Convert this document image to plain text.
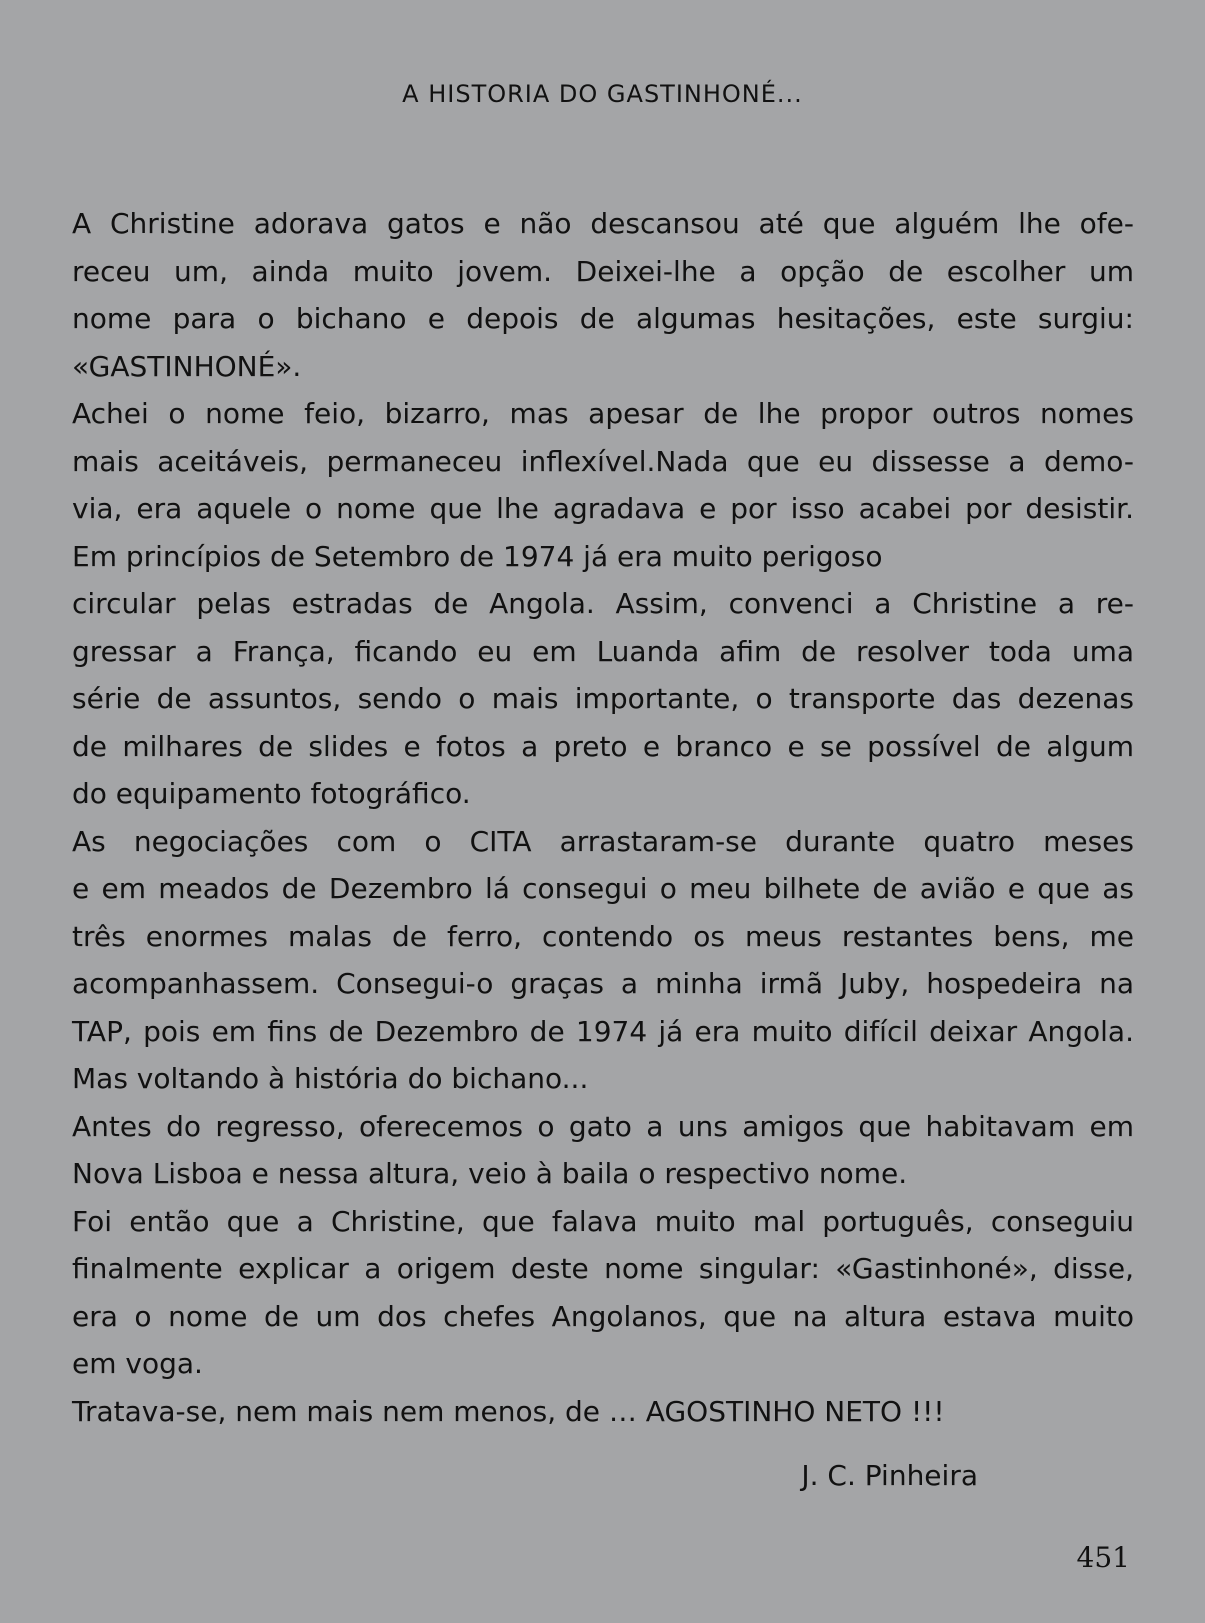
A HISTORIA DO GASTINHONÉ...
A Christine adorava gatos e não descansou até que alguém lhe ofe-
receu um, ainda muito jovem. Deixei-lhe a opção de escolher um
nome para o bichano e depois de algumas hesitações, este surgiu:
«GASTINHONÉ».
Achei o nome feio, bizarro, mas apesar de lhe propor outros nomes
mais aceitáveis, permaneceu inflexível.Nada que eu dissesse a demo-
via, era aquele o nome que lhe agradava e por isso acabei por desistir.
Em princípios de Setembro de 1974 já era muito perigoso
circular pelas estradas de Angola. Assim, convenci a Christine a re-
gressar a França, ficando eu em Luanda afim de resolver toda uma
série de assuntos, sendo o mais importante, o transporte das dezenas
de milhares de slides e fotos a preto e branco e se possível de algum
do equipamento fotográfico.
As negociações com o CITA arrastaram-se durante quatro meses
e em meados de Dezembro lá consegui o meu bilhete de avião e que as
três enormes malas de ferro, contendo os meus restantes bens, me
acompanhassem. Consegui-o graças a minha irmã Juby, hospedeira na
TAP, pois em fins de Dezembro de 1974 já era muito difícil deixar Angola.
Mas voltando à história do bichano...
Antes do regresso, oferecemos o gato a uns amigos que habitavam em
Nova Lisboa e nessa altura, veio à baila o respectivo nome.
Foi então que a Christine, que falava muito mal português, conseguiu
finalmente explicar a origem deste nome singular: «Gastinhoné», disse,
era o nome de um dos chefes Angolanos, que na altura estava muito
em voga.
Tratava-se, nem mais nem menos, de … AGOSTINHO NETO !!!
J. C. Pinheira
451
